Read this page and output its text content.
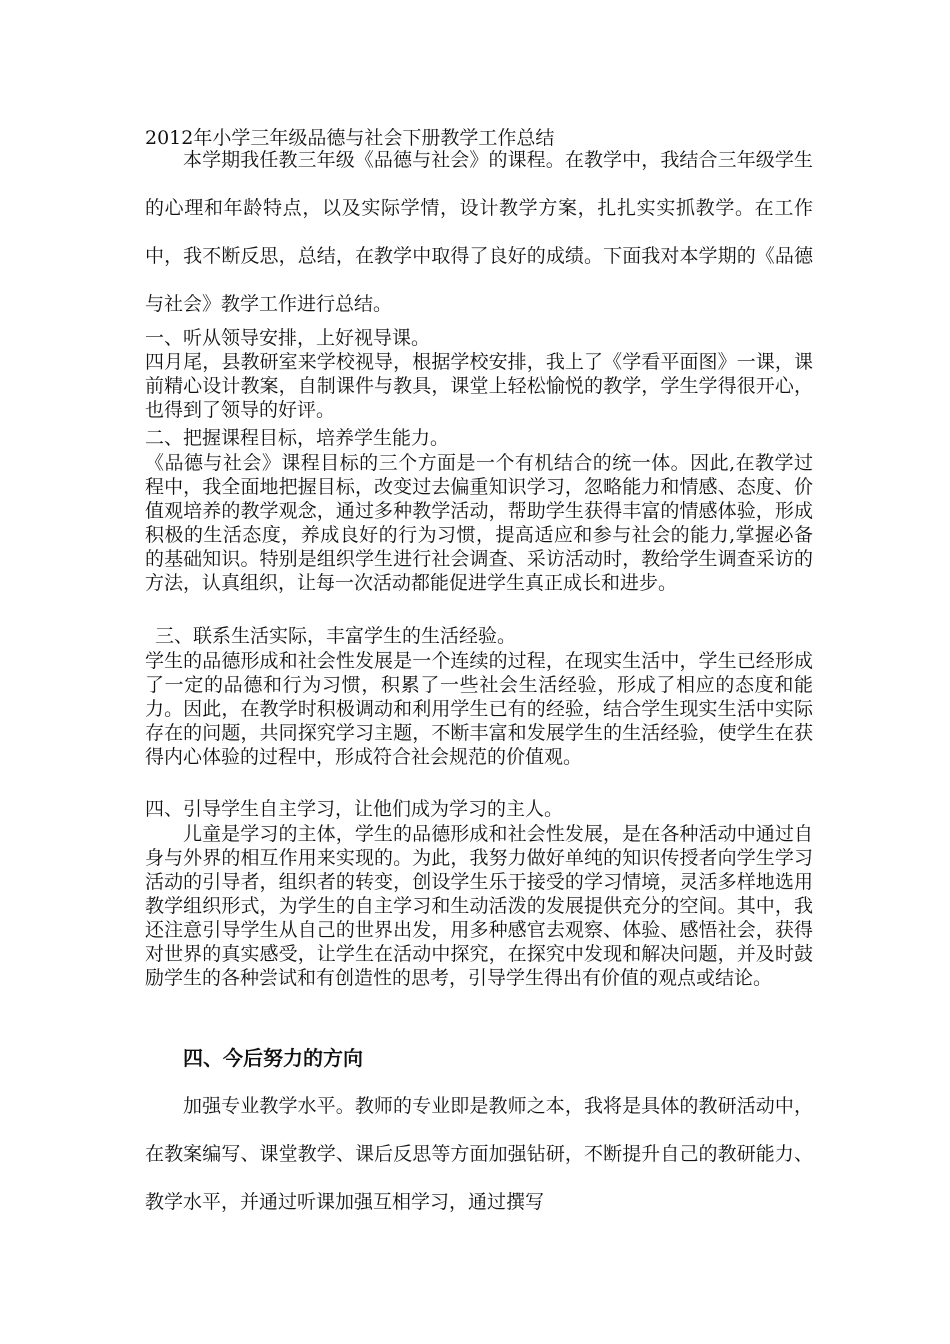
2012年小学三年级品德与社会下册教学工作总结

本学期我任教三年级《品德与社会》的课程。在教学中，我结合三年级学生的心理和年龄特点，以及实际学情，设计教学方案，扎扎实实抓教学。在工作中，我不断反思，总结，在教学中取得了良好的成绩。下面我对本学期的《品德与社会》教学工作进行总结。

一、听从领导安排，上好视导课。

四月尾，县教研室来学校视导，根据学校安排，我上了《学看平面图》一课，课前精心设计教案，自制课件与教具，课堂上轻松愉悦的教学，学生学得很开心，也得到了领导的好评。

二、把握课程目标，培养学生能力。

《品德与社会》课程目标的三个方面是一个有机结合的统一体。因此,在教学过程中，我全面地把握目标，改变过去偏重知识学习，忽略能力和情感、态度、价值观培养的教学观念，通过多种教学活动，帮助学生获得丰富的情感体验，形成积极的生活态度，养成良好的行为习惯，提高适应和参与社会的能力,掌握必备的基础知识。特别是组织学生进行社会调查、采访活动时，教给学生调查采访的方法，认真组织，让每一次活动都能促进学生真正成长和进步。

三、联系生活实际，丰富学生的生活经验。

学生的品德形成和社会性发展是一个连续的过程，在现实生活中，学生已经形成了一定的品德和行为习惯，积累了一些社会生活经验，形成了相应的态度和能力。因此，在教学时积极调动和利用学生已有的经验，结合学生现实生活中实际存在的问题，共同探究学习主题，不断丰富和发展学生的生活经验，使学生在获得内心体验的过程中，形成符合社会规范的价值观。

四、引导学生自主学习，让他们成为学习的主人。

儿童是学习的主体，学生的品德形成和社会性发展，是在各种活动中通过自身与外界的相互作用来实现的。为此，我努力做好单纯的知识传授者向学生学习活动的引导者，组织者的转变，创设学生乐于接受的学习情境，灵活多样地选用教学组织形式，为学生的自主学习和生动活泼的发展提供充分的空间。其中，我还注意引导学生从自己的世界出发，用多种感官去观察、体验、感悟社会，获得对世界的真实感受，让学生在活动中探究，在探究中发现和解决问题，并及时鼓励学生的各种尝试和有创造性的思考，引导学生得出有价值的观点或结论。

四、今后努力的方向

加强专业教学水平。教师的专业即是教师之本，我将是具体的教研活动中，在教案编写、课堂教学、课后反思等方面加强钻研，不断提升自己的教研能力、教学水平，并通过听课加强互相学习，通过撰写
